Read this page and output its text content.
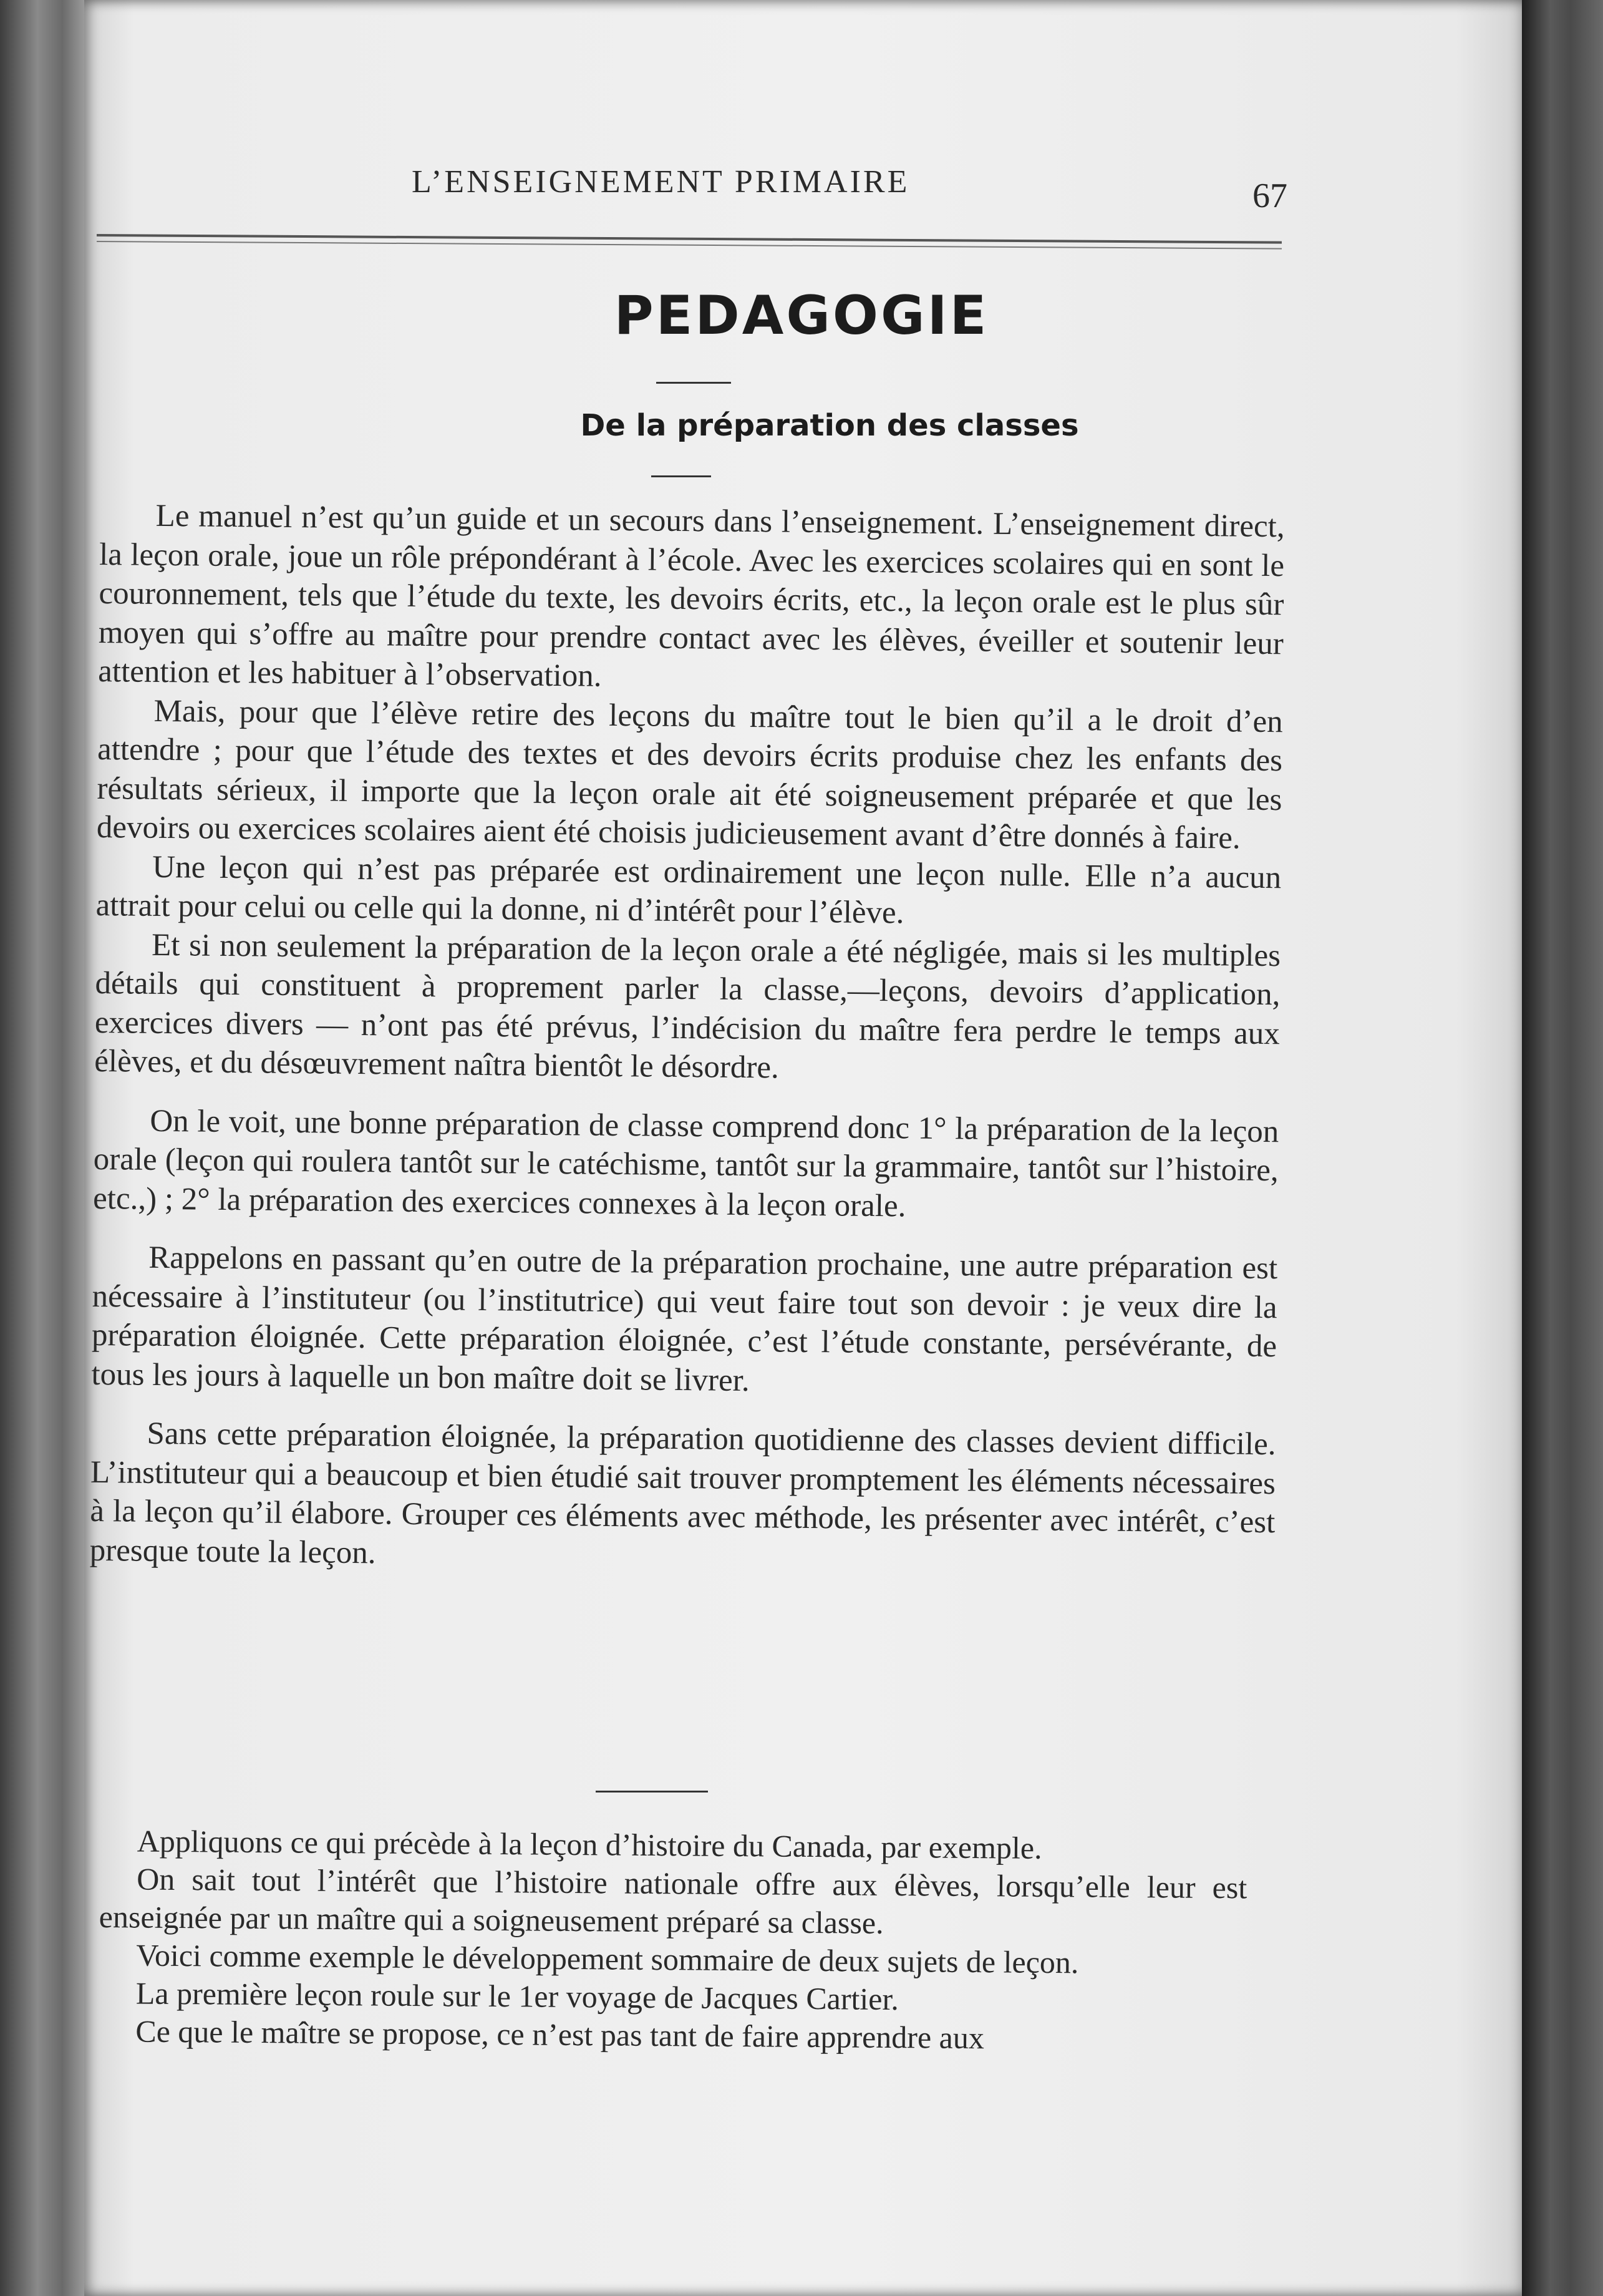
L’ENSEIGNEMENT PRIMAIRE	67
PEDAGOGIE
De la préparation des classes

Le manuel n’est qu’un guide et un secours dans l’enseignement. L’enseignement direct, la leçon orale, joue un rôle prépondérant à l’école. Avec les exercices scolaires qui en sont le couronnement, tels que l’étude du texte, les devoirs écrits, etc., la leçon orale est le plus sûr moyen qui s’offre au maître pour prendre contact avec les élèves, éveiller et soutenir leur attention et les habituer à l’observation.

Mais, pour que l’élève retire des leçons du maître tout le bien qu’il a le droit d’en attendre ; pour que l’étude des textes et des devoirs écrits produise chez les enfants des résultats sérieux, il importe que la leçon orale ait été soigneusement préparée et que les devoirs ou exercices scolaires aient été choisis judicieusement avant d’être donnés à faire.

Une leçon qui n’est pas préparée est ordinairement une leçon nulle. Elle n’a aucun attrait pour celui ou celle qui la donne, ni d’intérêt pour l’élève.

Et si non seulement la préparation de la leçon orale a été négligée, mais si les multiples détails qui constituent à proprement parler la classe,—leçons, devoirs d’application, exercices divers — n’ont pas été prévus, l’indécision du maître fera perdre le temps aux élèves, et du désœuvrement naîtra bientôt le désordre.

On le voit, une bonne préparation de classe comprend donc 1° la préparation de la leçon orale (leçon qui roulera tantôt sur le catéchisme, tantôt sur la grammaire, tantôt sur l’histoire, etc.,) ; 2° la préparation des exercices connexes à la leçon orale.

Rappelons en passant qu’en outre de la préparation prochaine, une autre préparation est nécessaire à l’instituteur (ou l’institutrice) qui veut faire tout son devoir : je veux dire la préparation éloignée. Cette préparation éloignée, c’est l’étude constante, persévérante, de tous les jours à laquelle un bon maître doit se livrer.

Sans cette préparation éloignée, la préparation quotidienne des classes devient difficile. L’instituteur qui a beaucoup et bien étudié sait trouver promptement les éléments nécessaires à la leçon qu’il élabore. Grouper ces éléments avec méthode, les présenter avec intérêt, c’est presque toute la leçon.

Appliquons ce qui précède à la leçon d’histoire du Canada, par exemple.

On sait tout l’intérêt que l’histoire nationale offre aux élèves, lorsqu’elle leur est enseignée par un maître qui a soigneusement préparé sa classe.

Voici comme exemple le développement sommaire de deux sujets de leçon.

La première leçon roule sur le 1er voyage de Jacques Cartier.

Ce que le maître se propose, ce n’est pas tant de faire apprendre aux
